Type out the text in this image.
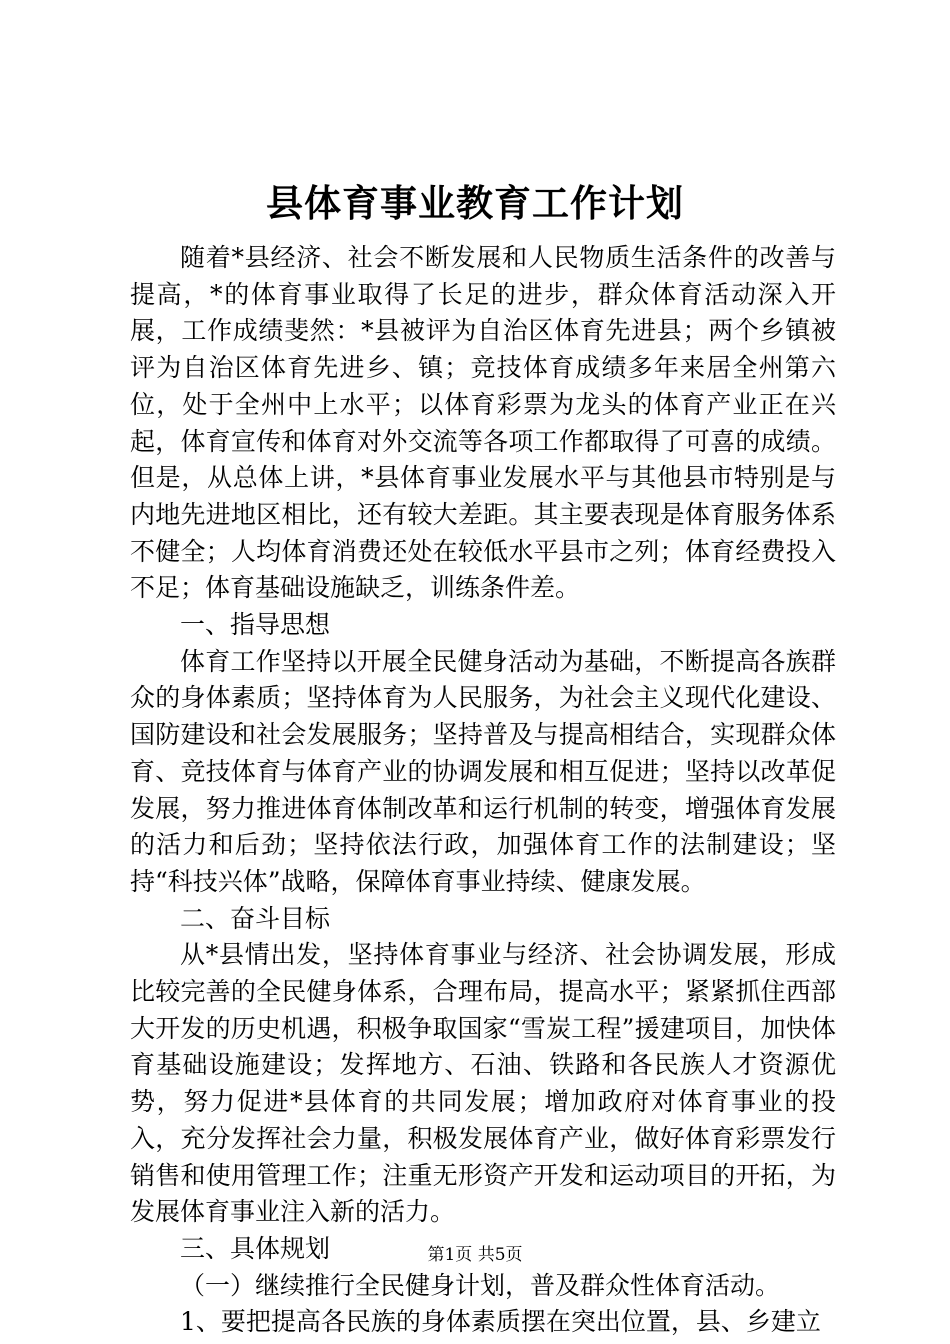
县体育事业教育工作计划

随着*县经济、社会不断发展和人民物质生活条件的改善与提高，*的体育事业取得了长足的进步，群众体育活动深入开展，工作成绩斐然：*县被评为自治区体育先进县；两个乡镇被评为自治区体育先进乡、镇；竞技体育成绩多年来居全州第六位，处于全州中上水平；以体育彩票为龙头的体育产业正在兴起，体育宣传和体育对外交流等各项工作都取得了可喜的成绩。但是，从总体上讲，*县体育事业发展水平与其他县市特别是与内地先进地区相比，还有较大差距。其主要表现是体育服务体系不健全；人均体育消费还处在较低水平县市之列；体育经费投入不足；体育基础设施缺乏，训练条件差。

一、指导思想

体育工作坚持以开展全民健身活动为基础，不断提高各族群众的身体素质；坚持体育为人民服务，为社会主义现代化建设、国防建设和社会发展服务；坚持普及与提高相结合，实现群众体育、竞技体育与体育产业的协调发展和相互促进；坚持以改革促发展，努力推进体育体制改革和运行机制的转变，增强体育发展的活力和后劲；坚持依法行政，加强体育工作的法制建设；坚持“科技兴体”战略，保障体育事业持续、健康发展。

二、奋斗目标

从*县情出发，坚持体育事业与经济、社会协调发展，形成比较完善的全民健身体系，合理布局，提高水平；紧紧抓住西部大开发的历史机遇，积极争取国家“雪炭工程”援建项目，加快体育基础设施建设；发挥地方、石油、铁路和各民族人才资源优势，努力促进*县体育的共同发展；增加政府对体育事业的投入，充分发挥社会力量，积极发展体育产业，做好体育彩票发行销售和使用管理工作；注重无形资产开发和运动项目的开拓，为发展体育事业注入新的活力。

三、具体规划

（一）继续推行全民健身计划，普及群众性体育活动。

1、要把提高各民族的身体素质摆在突出位置，县、乡建立

第1页 共5页
